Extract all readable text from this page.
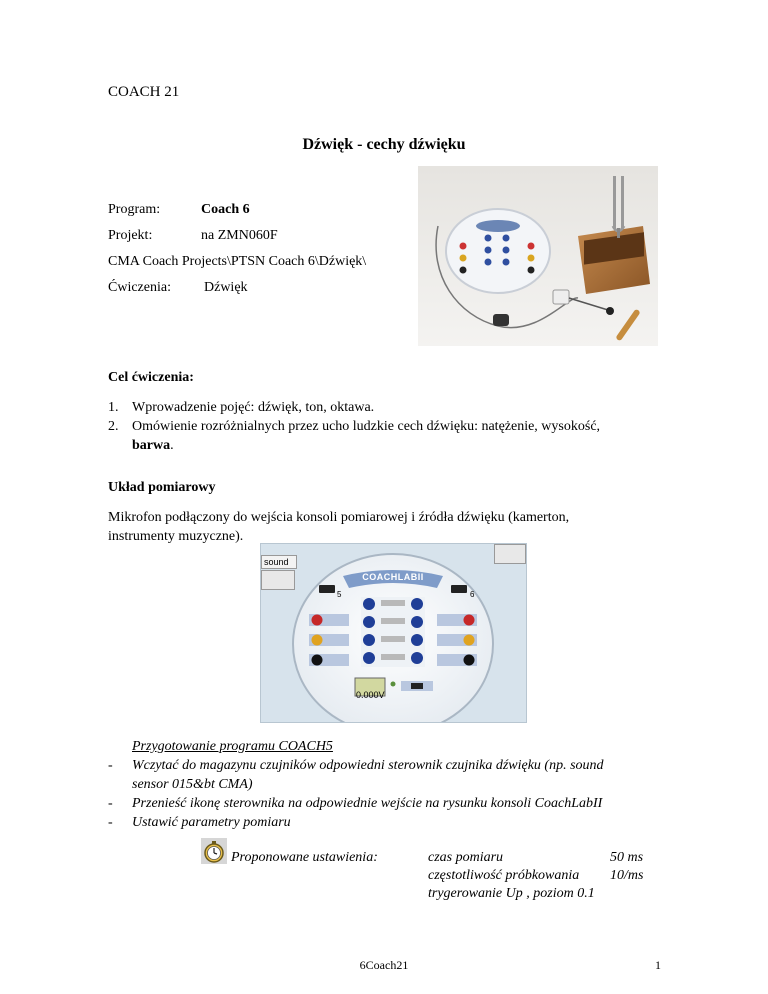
COACH 21
Dźwięk - cechy dźwięku
Program:	Coach 6
Projekt:	na ZMN060F
CMA Coach Projects\PTSN Coach 6\Dźwięk\
Ćwiczenia: Dźwięk
Cel ćwiczenia:
1. Wprowadzenie pojęć: dźwięk, ton, oktawa.
2. Omówienie rozróżnialnych przez ucho ludzkie cech dźwięku: natężenie, wysokość,
barwa.
Układ pomiarowy
Mikrofon podłączony do wejścia konsoli pomiarowej i źródła dźwięku (kamerton,
instrumenty muzyczne).
sound
COACHLABII
5	6
0.000V
Przygotowanie programu COACH5
- Wczytać do magazynu czujników odpowiedni sterownik czujnika dźwięku (np. sound
sensor 015&bt CMA)
- Przenieść ikonę sterownika na odpowiednie wejście na rysunku konsoli CoachLabII
- Ustawić parametry pomiaru
Proponowane ustawienia:	czas pomiaru	50 ms
częstotliwość próbkowania 10/ms
trygerowanie Up , poziom 0.1
6Coach21	1
